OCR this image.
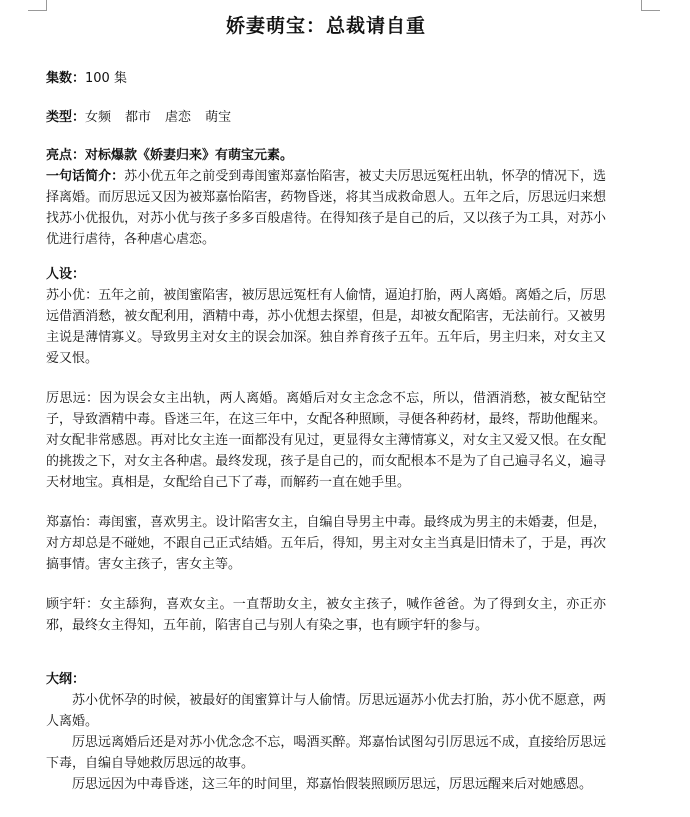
娇妻萌宝：总裁请自重

集数：100 集

类型：女频 都市 虐恋 萌宝

亮点：对标爆款《娇妻归来》有萌宝元素。

一句话简介：苏小优五年之前受到毒闺蜜郑嘉怡陷害，被丈夫厉思远冤枉出轨，怀孕的情况下，选择离婚。而厉思远又因为被郑嘉怡陷害，药物昏迷，将其当成救命恩人。五年之后，厉思远归来想找苏小优报仇，对苏小优与孩子多多百般虐待。在得知孩子是自己的后，又以孩子为工具，对苏小优进行虐待，各种虐心虐恋。

人设：

苏小优：五年之前，被闺蜜陷害，被厉思远冤枉有人偷情，逼迫打胎，两人离婚。离婚之后，厉思远借酒消愁，被女配利用，酒精中毒，苏小优想去探望，但是，却被女配陷害，无法前行。又被男主说是薄情寡义。导致男主对女主的误会加深。独自养育孩子五年。五年后，男主归来，对女主又爱又恨。

厉思远：因为误会女主出轨，两人离婚。离婚后对女主念念不忘，所以，借酒消愁，被女配钻空子，导致酒精中毒。昏迷三年，在这三年中，女配各种照顾，寻便各种药材，最终，帮助他醒来。对女配非常感恩。再对比女主连一面都没有见过，更显得女主薄情寡义，对女主又爱又恨。在女配的挑拨之下，对女主各种虐。最终发现，孩子是自己的，而女配根本不是为了自己遍寻名义，遍寻天材地宝。真相是，女配给自己下了毒，而解药一直在她手里。

郑嘉怡：毒闺蜜，喜欢男主。设计陷害女主，自编自导男主中毒。最终成为男主的未婚妻，但是，对方却总是不碰她，不跟自己正式结婚。五年后，得知，男主对女主当真是旧情未了，于是，再次搞事情。害女主孩子，害女主等。

顾宇轩：女主舔狗，喜欢女主。一直帮助女主，被女主孩子，喊作爸爸。为了得到女主，亦正亦邪，最终女主得知，五年前，陷害自己与别人有染之事，也有顾宇轩的参与。

大纲：

苏小优怀孕的时候，被最好的闺蜜算计与人偷情。厉思远逼苏小优去打胎，苏小优不愿意，两人离婚。

厉思远离婚后还是对苏小优念念不忘，喝酒买醉。郑嘉怡试图勾引厉思远不成，直接给厉思远下毒，自编自导她救厉思远的故事。

厉思远因为中毒昏迷，这三年的时间里，郑嘉怡假装照顾厉思远，厉思远醒来后对她感恩。
